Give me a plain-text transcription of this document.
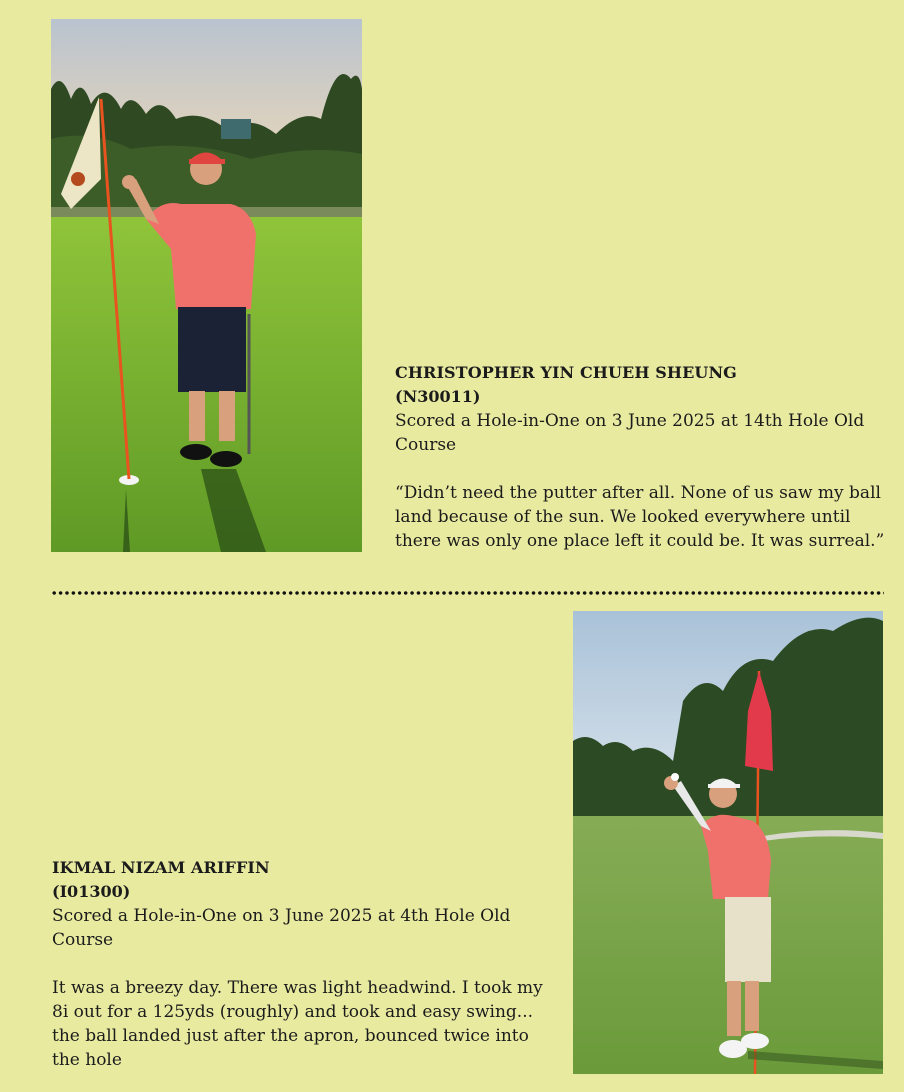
CHRISTOPHER YIN CHUEH SHEUNG
(N30011)
Scored a Hole-in-One on 3 June 2025 at 14th Hole Old Course
“Didn’t need the putter after all. None of us saw my ball land because of the sun. We looked everywhere until there was only one place left it could be. It was surreal.”
IKMAL NIZAM ARIFFIN
(I01300)
Scored a Hole-in-One on 3 June 2025 at 4th Hole Old Course
It was a breezy day. There was light headwind. I took my 8i out for a 125yds (roughly) and took and easy swing... the ball landed just after the apron, bounced twice into the hole
